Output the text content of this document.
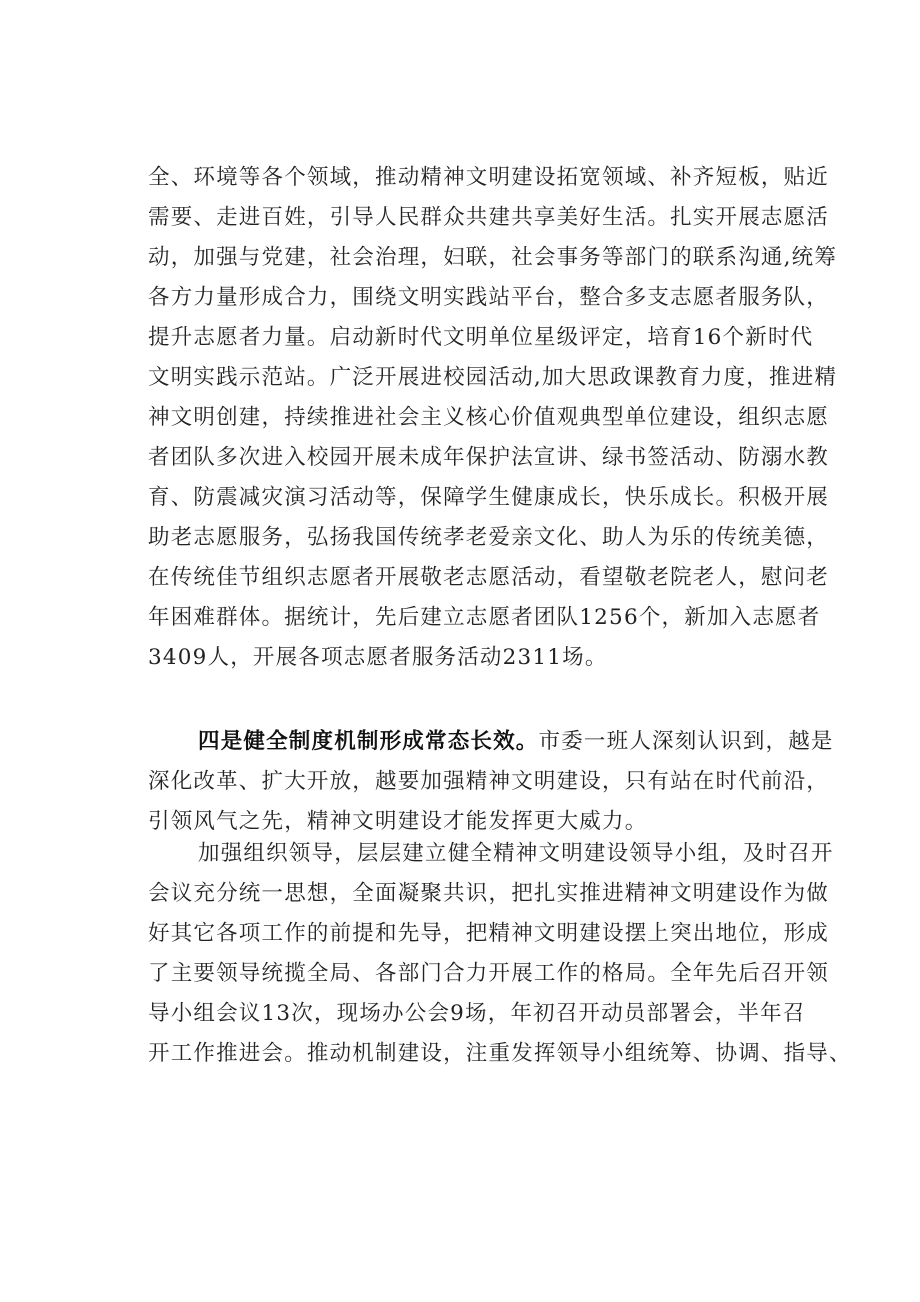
全、环境等各个领域，推动精神文明建设拓宽领域、补齐短板，贴近
需要、走进百姓，引导人民群众共建共享美好生活。扎实开展志愿活
动，加强与党建，社会治理，妇联，社会事务等部门的联系沟通,统筹
各方力量形成合力，围绕文明实践站平台，整合多支志愿者服务队，
提升志愿者力量。启动新时代文明单位星级评定，培育16个新时代
文明实践示范站。广泛开展进校园活动,加大思政课教育力度，推进精
神文明创建，持续推进社会主义核心价值观典型单位建设，组织志愿
者团队多次进入校园开展未成年保护法宣讲、绿书签活动、防溺水教
育、防震减灾演习活动等，保障学生健康成长，快乐成长。积极开展
助老志愿服务，弘扬我国传统孝老爱亲文化、助人为乐的传统美德，
在传统佳节组织志愿者开展敬老志愿活动，看望敬老院老人，慰问老
年困难群体。据统计，先后建立志愿者团队1256个，新加入志愿者
3409人，开展各项志愿者服务活动2311场。
四是健全制度机制形成常态长效。市委一班人深刻认识到，越是
深化改革、扩大开放，越要加强精神文明建设，只有站在时代前沿，
引领风气之先，精神文明建设才能发挥更大威力。
加强组织领导，层层建立健全精神文明建设领导小组，及时召开
会议充分统一思想，全面凝聚共识，把扎实推进精神文明建设作为做
好其它各项工作的前提和先导，把精神文明建设摆上突出地位，形成
了主要领导统揽全局、各部门合力开展工作的格局。全年先后召开领
导小组会议13次，现场办公会9场，年初召开动员部署会，半年召
开工作推进会。推动机制建设，注重发挥领导小组统筹、协调、指导、
